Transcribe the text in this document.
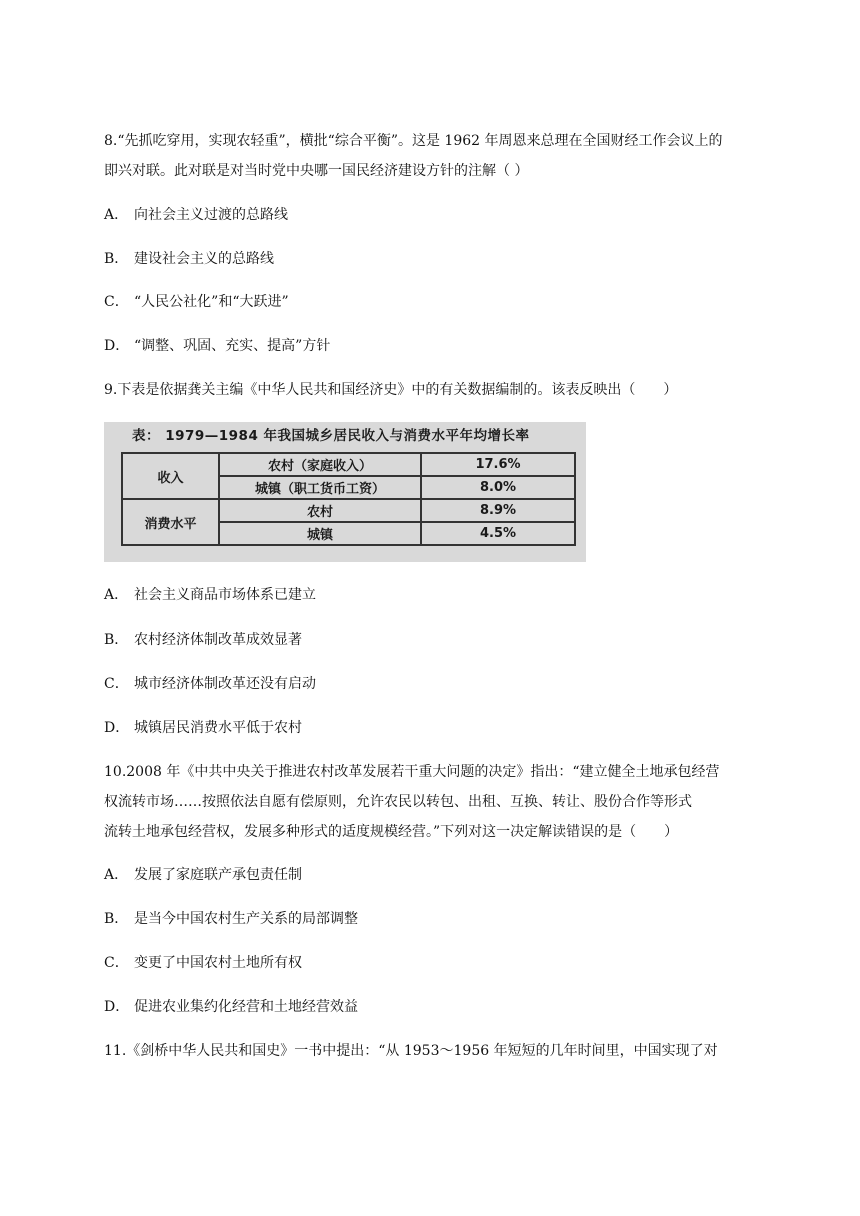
8.“先抓吃穿用，实现农轻重”，横批“综合平衡”。这是 1962 年周恩来总理在全国财经工作会议上的
即兴对联。此对联是对当时党中央哪一国民经济建设方针的注解（ ）
A． 向社会主义过渡的总路线
B． 建设社会主义的总路线
C． “人民公社化”和“大跃进”
D． “调整、巩固、充实、提高”方针
9.下表是依据龚关主编《中华人民共和国经济史》中的有关数据编制的。该表反映出（　　）
表： 1979—1984 年我国城乡居民收入与消费水平年均增长率
收入	农村（家庭收入）	17.6%
	城镇（职工货币工资）	8.0%
消费水平	农村	8.9%
	城镇	4.5%
A． 社会主义商品市场体系已建立
B． 农村经济体制改革成效显著
C． 城市经济体制改革还没有启动
D． 城镇居民消费水平低于农村
10.2008 年《中共中央关于推进农村改革发展若干重大问题的决定》指出：“建立健全土地承包经营
权流转市场……按照依法自愿有偿原则，允许农民以转包、出租、互换、转让、股份合作等形式
流转土地承包经营权，发展多种形式的适度规模经营。”下列对这一决定解读错误的是（　　）
A． 发展了家庭联产承包责任制
B． 是当今中国农村生产关系的局部调整
C． 变更了中国农村土地所有权
D． 促进农业集约化经营和土地经营效益
11.《剑桥中华人民共和国史》一书中提出：“从 1953～1956 年短短的几年时间里，中国实现了对
